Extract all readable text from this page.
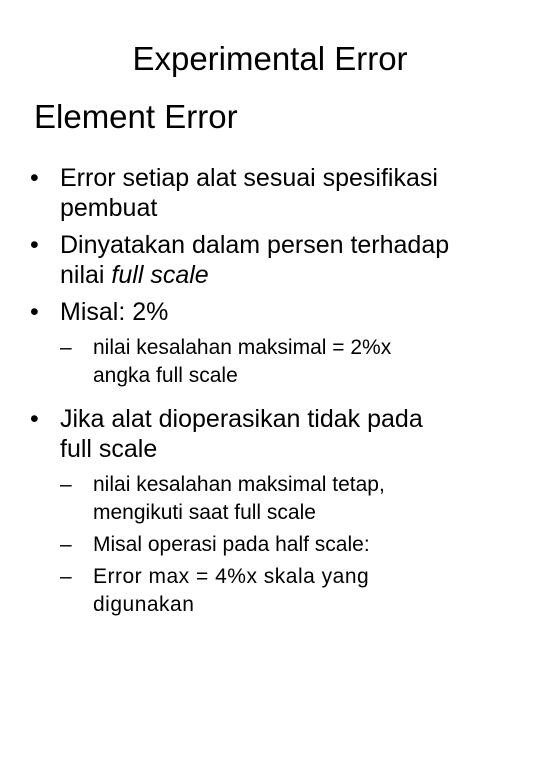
Experimental Error
Element Error
• Error setiap alat sesuai spesifikasi
pembuat
• Dinyatakan dalam persen terhadap
nilai full scale
• Misal: 2%
– nilai kesalahan maksimal = 2%x
angka full scale
• Jika alat dioperasikan tidak pada
full scale
– nilai kesalahan maksimal tetap,
mengikuti saat full scale
– Misal operasi pada half scale:
– Error max = 4%x skala yang
digunakan
